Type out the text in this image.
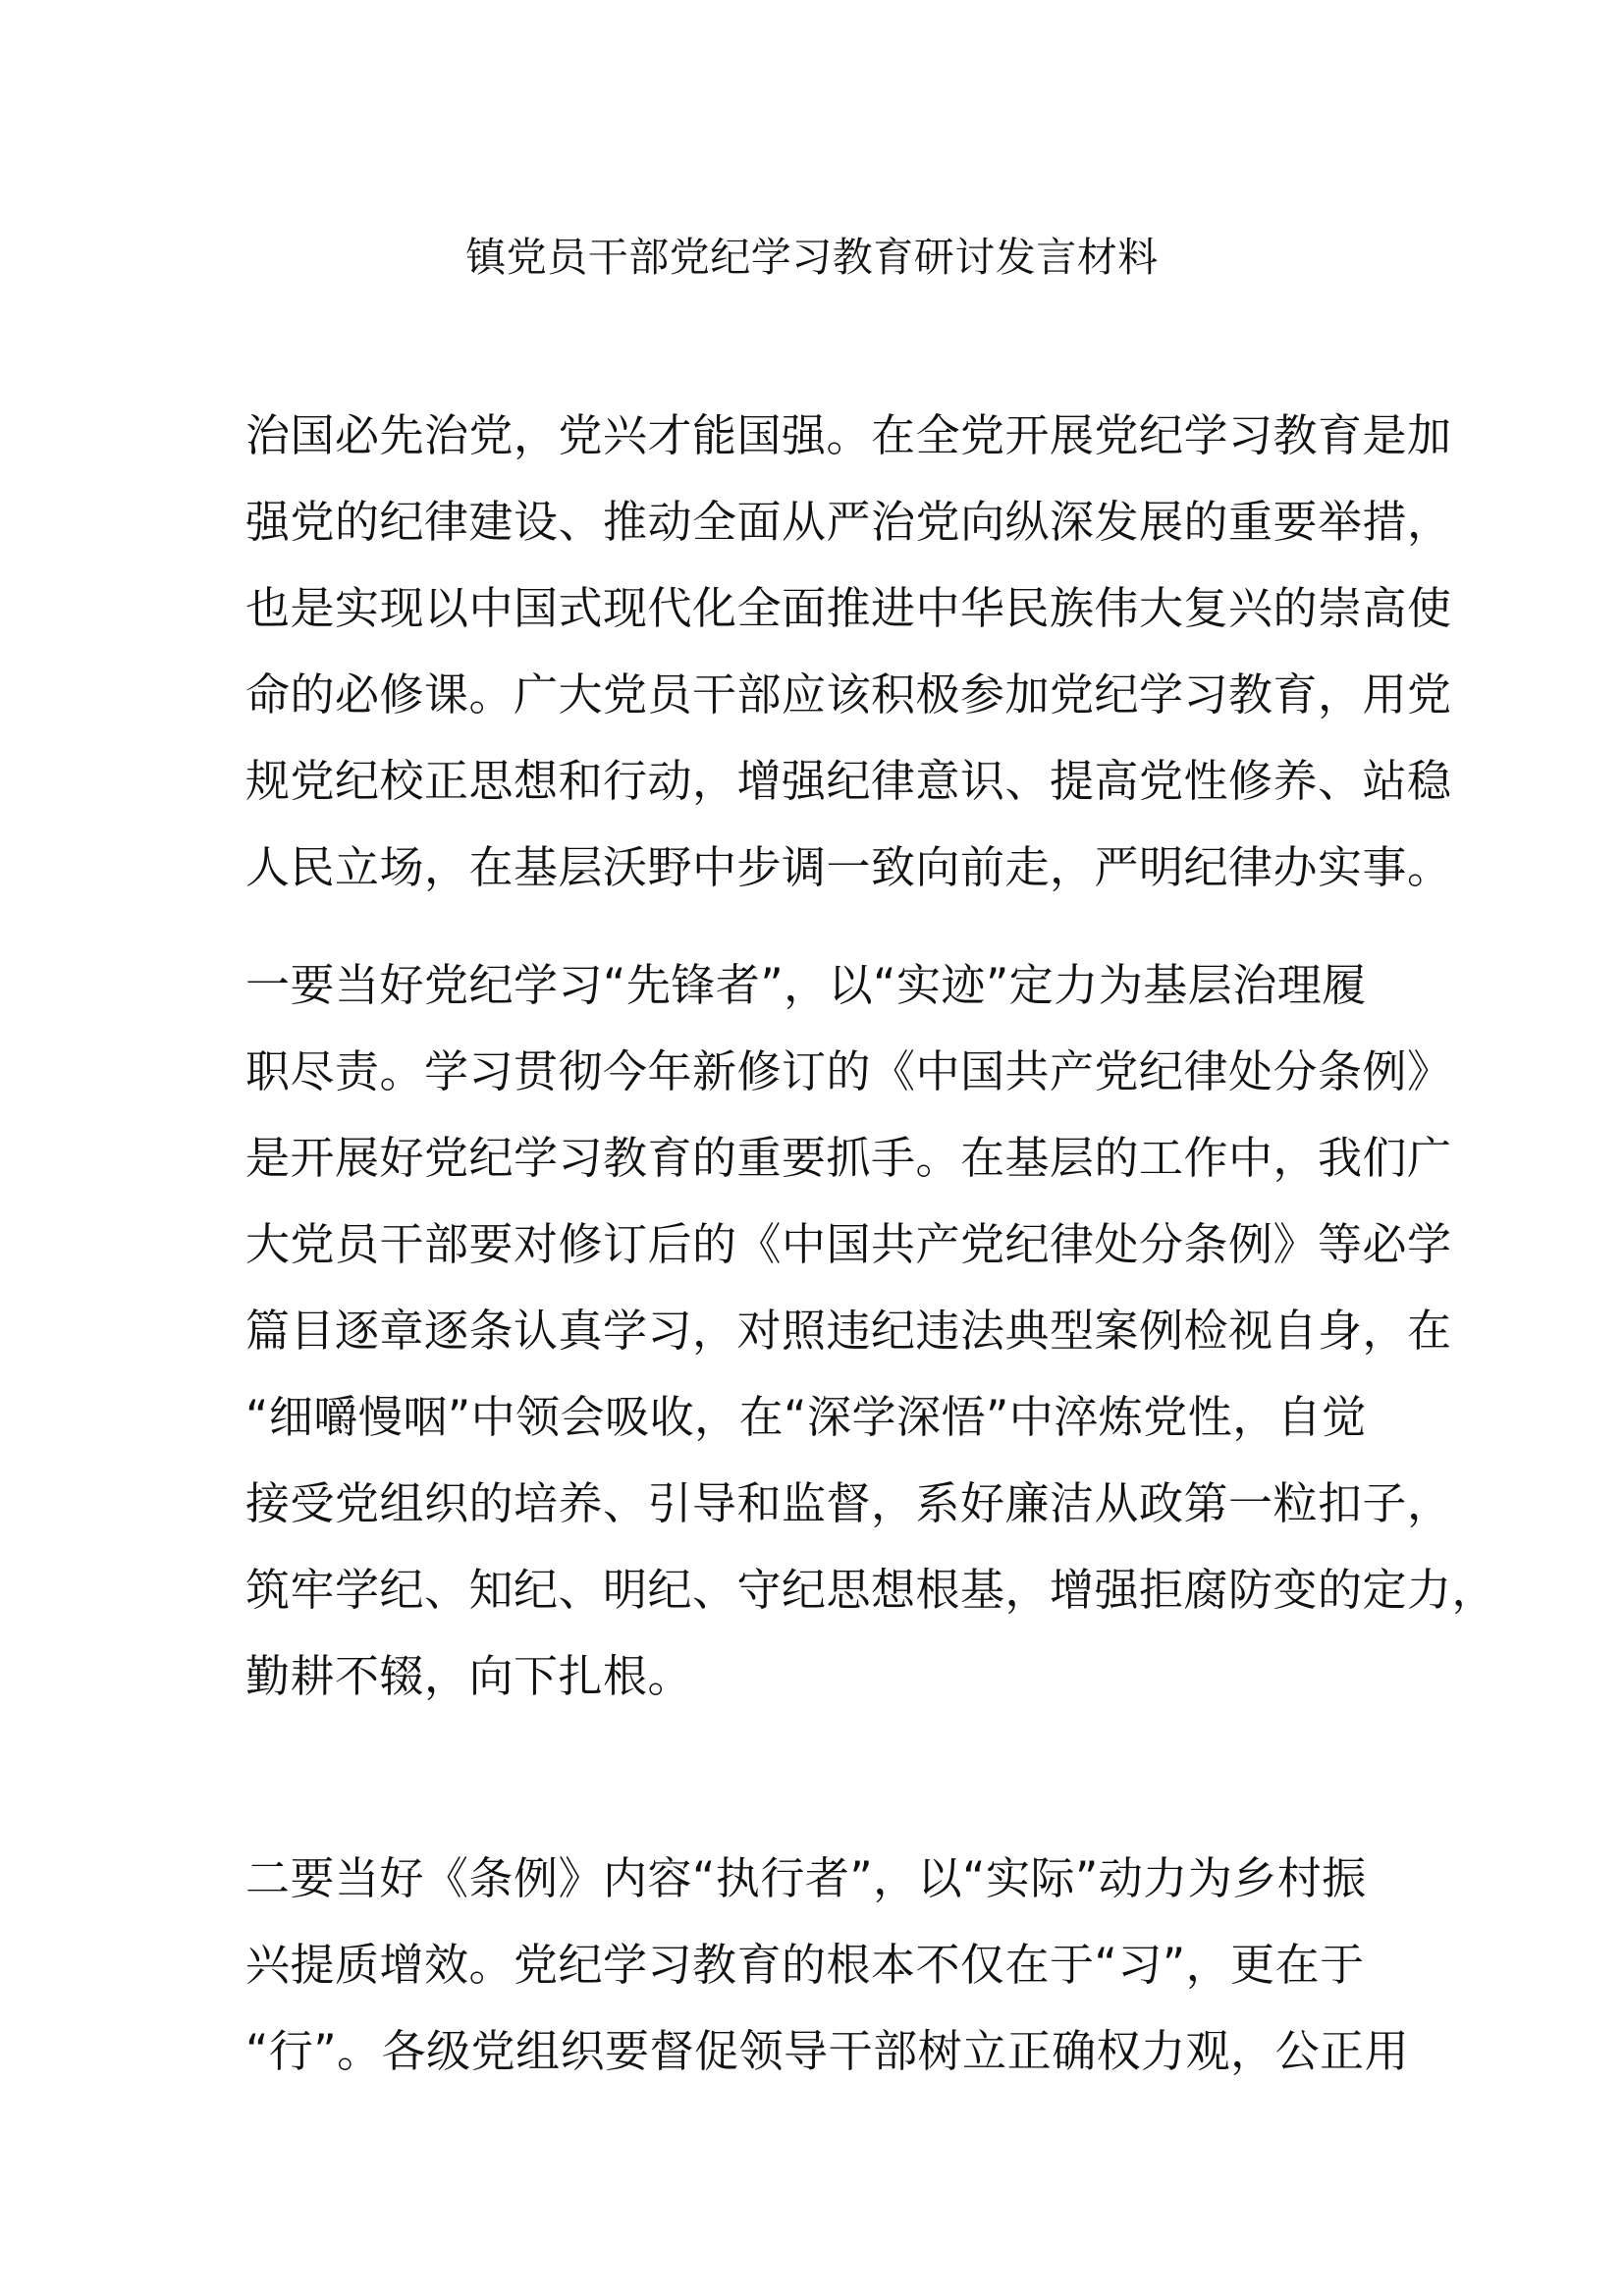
镇党员干部党纪学习教育研讨发言材料
治国必先治党，党兴才能国强。在全党开展党纪学习教育是加
强党的纪律建设、推动全面从严治党向纵深发展的重要举措，
也是实现以中国式现代化全面推进中华民族伟大复兴的崇高使
命的必修课。广大党员干部应该积极参加党纪学习教育，用党
规党纪校正思想和行动，增强纪律意识、提高党性修养、站稳
人民立场，在基层沃野中步调一致向前走，严明纪律办实事。
一要当好党纪学习“先锋者”，以“实迹”定力为基层治理履
职尽责。学习贯彻今年新修订的《中国共产党纪律处分条例》
是开展好党纪学习教育的重要抓手。在基层的工作中，我们广
大党员干部要对修订后的《中国共产党纪律处分条例》等必学
篇目逐章逐条认真学习，对照违纪违法典型案例检视自身，在
“细嚼慢咽”中领会吸收，在“深学深悟”中淬炼党性，自觉
接受党组织的培养、引导和监督，系好廉洁从政第一粒扣子，
筑牢学纪、知纪、明纪、守纪思想根基，增强拒腐防变的定力，
勤耕不辍，向下扎根。
二要当好《条例》内容“执行者”，以“实际”动力为乡村振
兴提质增效。党纪学习教育的根本不仅在于“习”，更在于
“行”。各级党组织要督促领导干部树立正确权力观，公正用
